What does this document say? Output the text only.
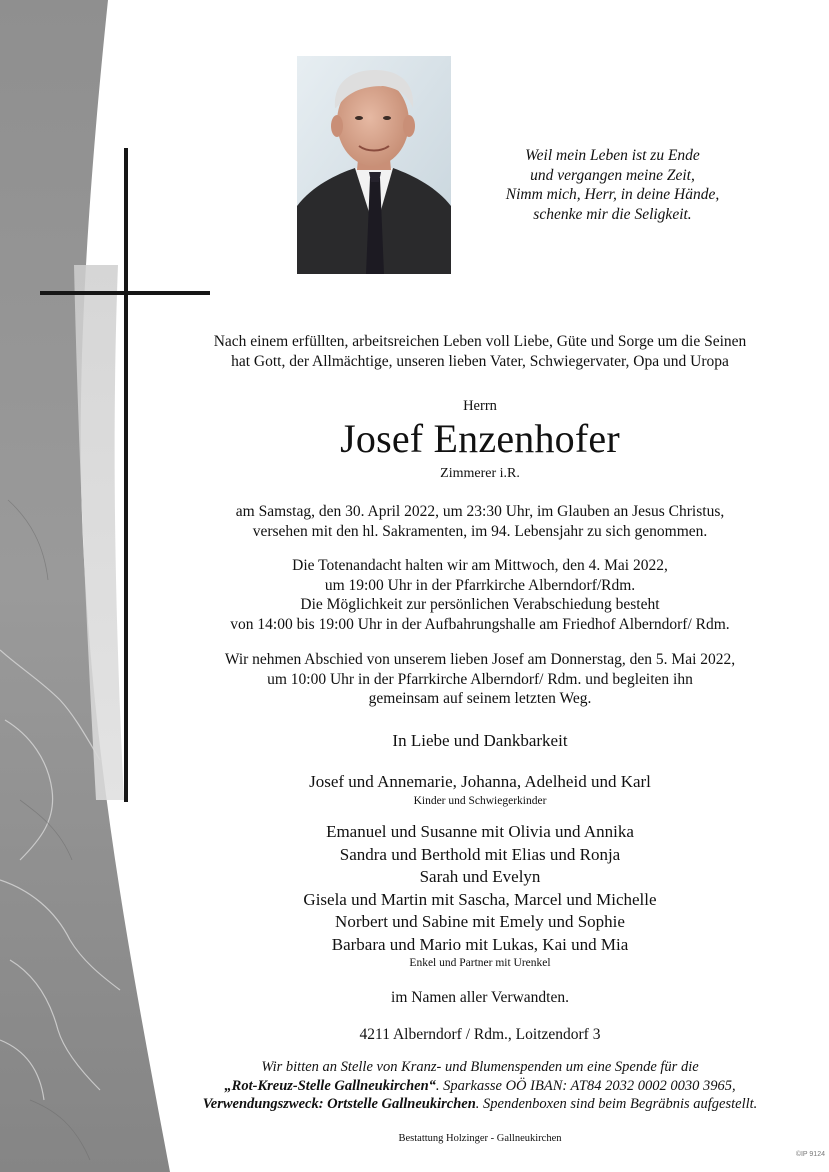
Weil mein Leben ist zu Ende
und vergangen meine Zeit,
Nimm mich, Herr, in deine Hände,
schenke mir die Seligkeit.
Nach einem erfüllten, arbeitsreichen Leben voll Liebe, Güte und Sorge um die Seinen
hat Gott, der Allmächtige, unseren lieben Vater, Schwiegervater, Opa und Uropa
Herrn
Josef Enzenhofer
Zimmerer i.R.
am Samstag, den 30. April 2022, um 23:30 Uhr, im Glauben an Jesus Christus,
versehen mit den hl. Sakramenten, im 94. Lebensjahr zu sich genommen.
Die Totenandacht halten wir am Mittwoch, den 4. Mai 2022,
um 19:00 Uhr in der Pfarrkirche Alberndorf/Rdm.
Die Möglichkeit zur persönlichen Verabschiedung besteht
von 14:00 bis 19:00 Uhr in der Aufbahrungshalle am Friedhof Alberndorf/ Rdm.
Wir nehmen Abschied von unserem lieben Josef am Donnerstag, den 5. Mai 2022,
um 10:00 Uhr in der Pfarrkirche Alberndorf/ Rdm. und begleiten ihn
gemeinsam auf seinem letzten Weg.
In Liebe und Dankbarkeit
Josef und Annemarie, Johanna, Adelheid und Karl
Kinder und Schwiegerkinder
Emanuel und Susanne mit Olivia und Annika
Sandra und Berthold mit Elias und Ronja
Sarah und Evelyn
Gisela und Martin mit Sascha, Marcel und Michelle
Norbert und Sabine mit Emely und Sophie
Barbara und Mario mit Lukas, Kai und Mia
Enkel und Partner mit Urenkel
im Namen aller Verwandten.
4211 Alberndorf / Rdm., Loitzendorf 3
Wir bitten an Stelle von Kranz- und Blumenspenden um eine Spende für die
„Rot-Kreuz-Stelle Gallneukirchen“. Sparkasse OÖ IBAN: AT84 2032 0002 0030 3965,
Verwendungszweck: Ortstelle Gallneukirchen. Spendenboxen sind beim Begräbnis aufgestellt.
Bestattung Holzinger - Gallneukirchen
©IP 9124
